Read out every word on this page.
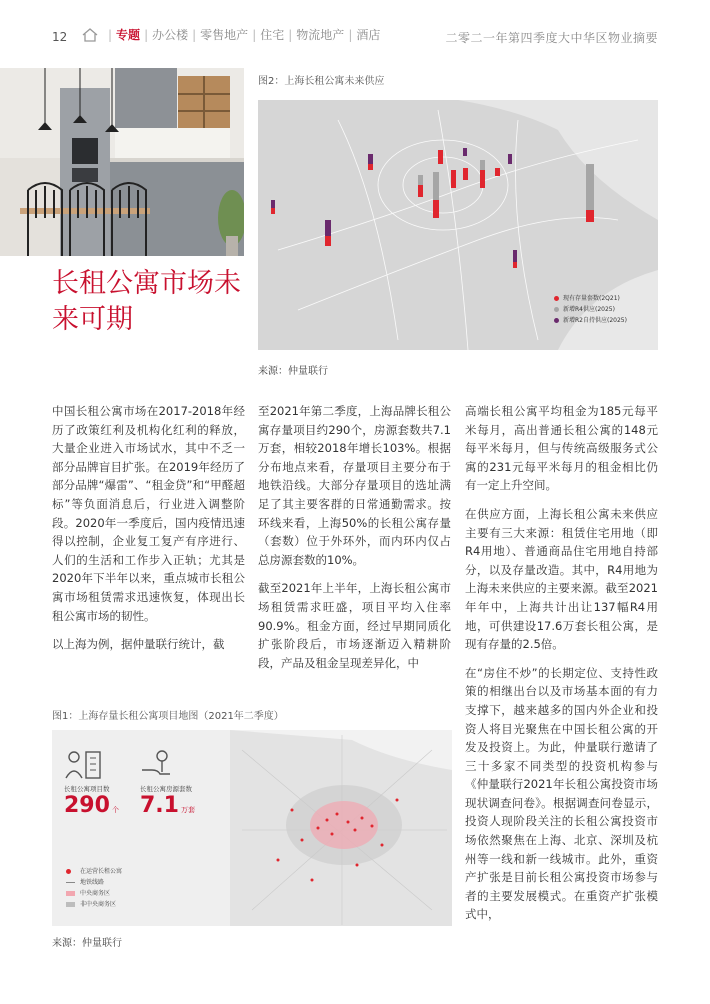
12	| 专题 | 办公楼 | 零售地产 | 住宅 | 物流地产 | 酒店	二零二一年第四季度大中华区物业摘要
长租公寓市场未来可期
图2：上海长租公寓未来供应
现有存量套数(2Q21)
新增R4供应(2025)
新增R2自持供应(2025)
来源：仲量联行

中国长租公寓市场在2017-2018年经历了政策红利及机构化红利的释放，大量企业进入市场试水，其中不乏一部分品牌盲目扩张。在2019年经历了部分品牌“爆雷”、“租金贷”和“甲醛超标”等负面消息后，行业进入调整阶段。2020年一季度后，国内疫情迅速得以控制，企业复工复产有序进行、人们的生活和工作步入正轨；尤其是2020年下半年以来，重点城市长租公寓市场租赁需求迅速恢复，体现出长租公寓市场的韧性。

以上海为例，据仲量联行统计，截

至2021年第二季度，上海品牌长租公寓存量项目约290个，房源套数共7.1万套，相较2018年增长103%。根据分布地点来看，存量项目主要分布于地铁沿线。大部分存量项目的选址满足了其主要客群的日常通勤需求。按环线来看，上海50%的长租公寓存量（套数）位于外环外，而内环内仅占总房源套数的10%。

截至2021年上半年，上海长租公寓市场租赁需求旺盛，项目平均入住率90.9%。租金方面，经过早期同质化扩张阶段后，市场逐渐迈入精耕阶段，产品及租金呈现差异化，中

高端长租公寓平均租金为185元每平米每月，高出普通长租公寓的148元每平米每月，但与传统高级服务式公寓的231元每平米每月的租金相比仍有一定上升空间。

在供应方面，上海长租公寓未来供应主要有三大来源：租赁住宅用地（即R4用地）、普通商品住宅用地自持部分，以及存量改造。其中，R4用地为上海未来供应的主要来源。截至2021年年中，上海共计出让137幅R4用地，可供建设17.6万套长租公寓，是现有存量的2.5倍。

在“房住不炒”的长期定位、支持性政策的相继出台以及市场基本面的有力支撑下，越来越多的国内外企业和投资人将目光聚焦在中国长租公寓的开发及投资上。为此，仲量联行邀请了三十多家不同类型的投资机构参与《仲量联行2021年长租公寓投资市场现状调查问卷》。根据调查问卷显示，投资人现阶段关注的长租公寓投资市场依然聚焦在上海、北京、深圳及杭州等一线和新一线城市。此外，重资产扩张是目前长租公寓投资市场参与者的主要发展模式。在重资产扩张模式中，

图1：上海存量长租公寓项目地图（2021年二季度）
长租公寓项目数
290 个
长租公寓房源套数
7.1 万套
在运营长租公寓
地铁线路
中央商务区
非中央商务区
来源：仲量联行
